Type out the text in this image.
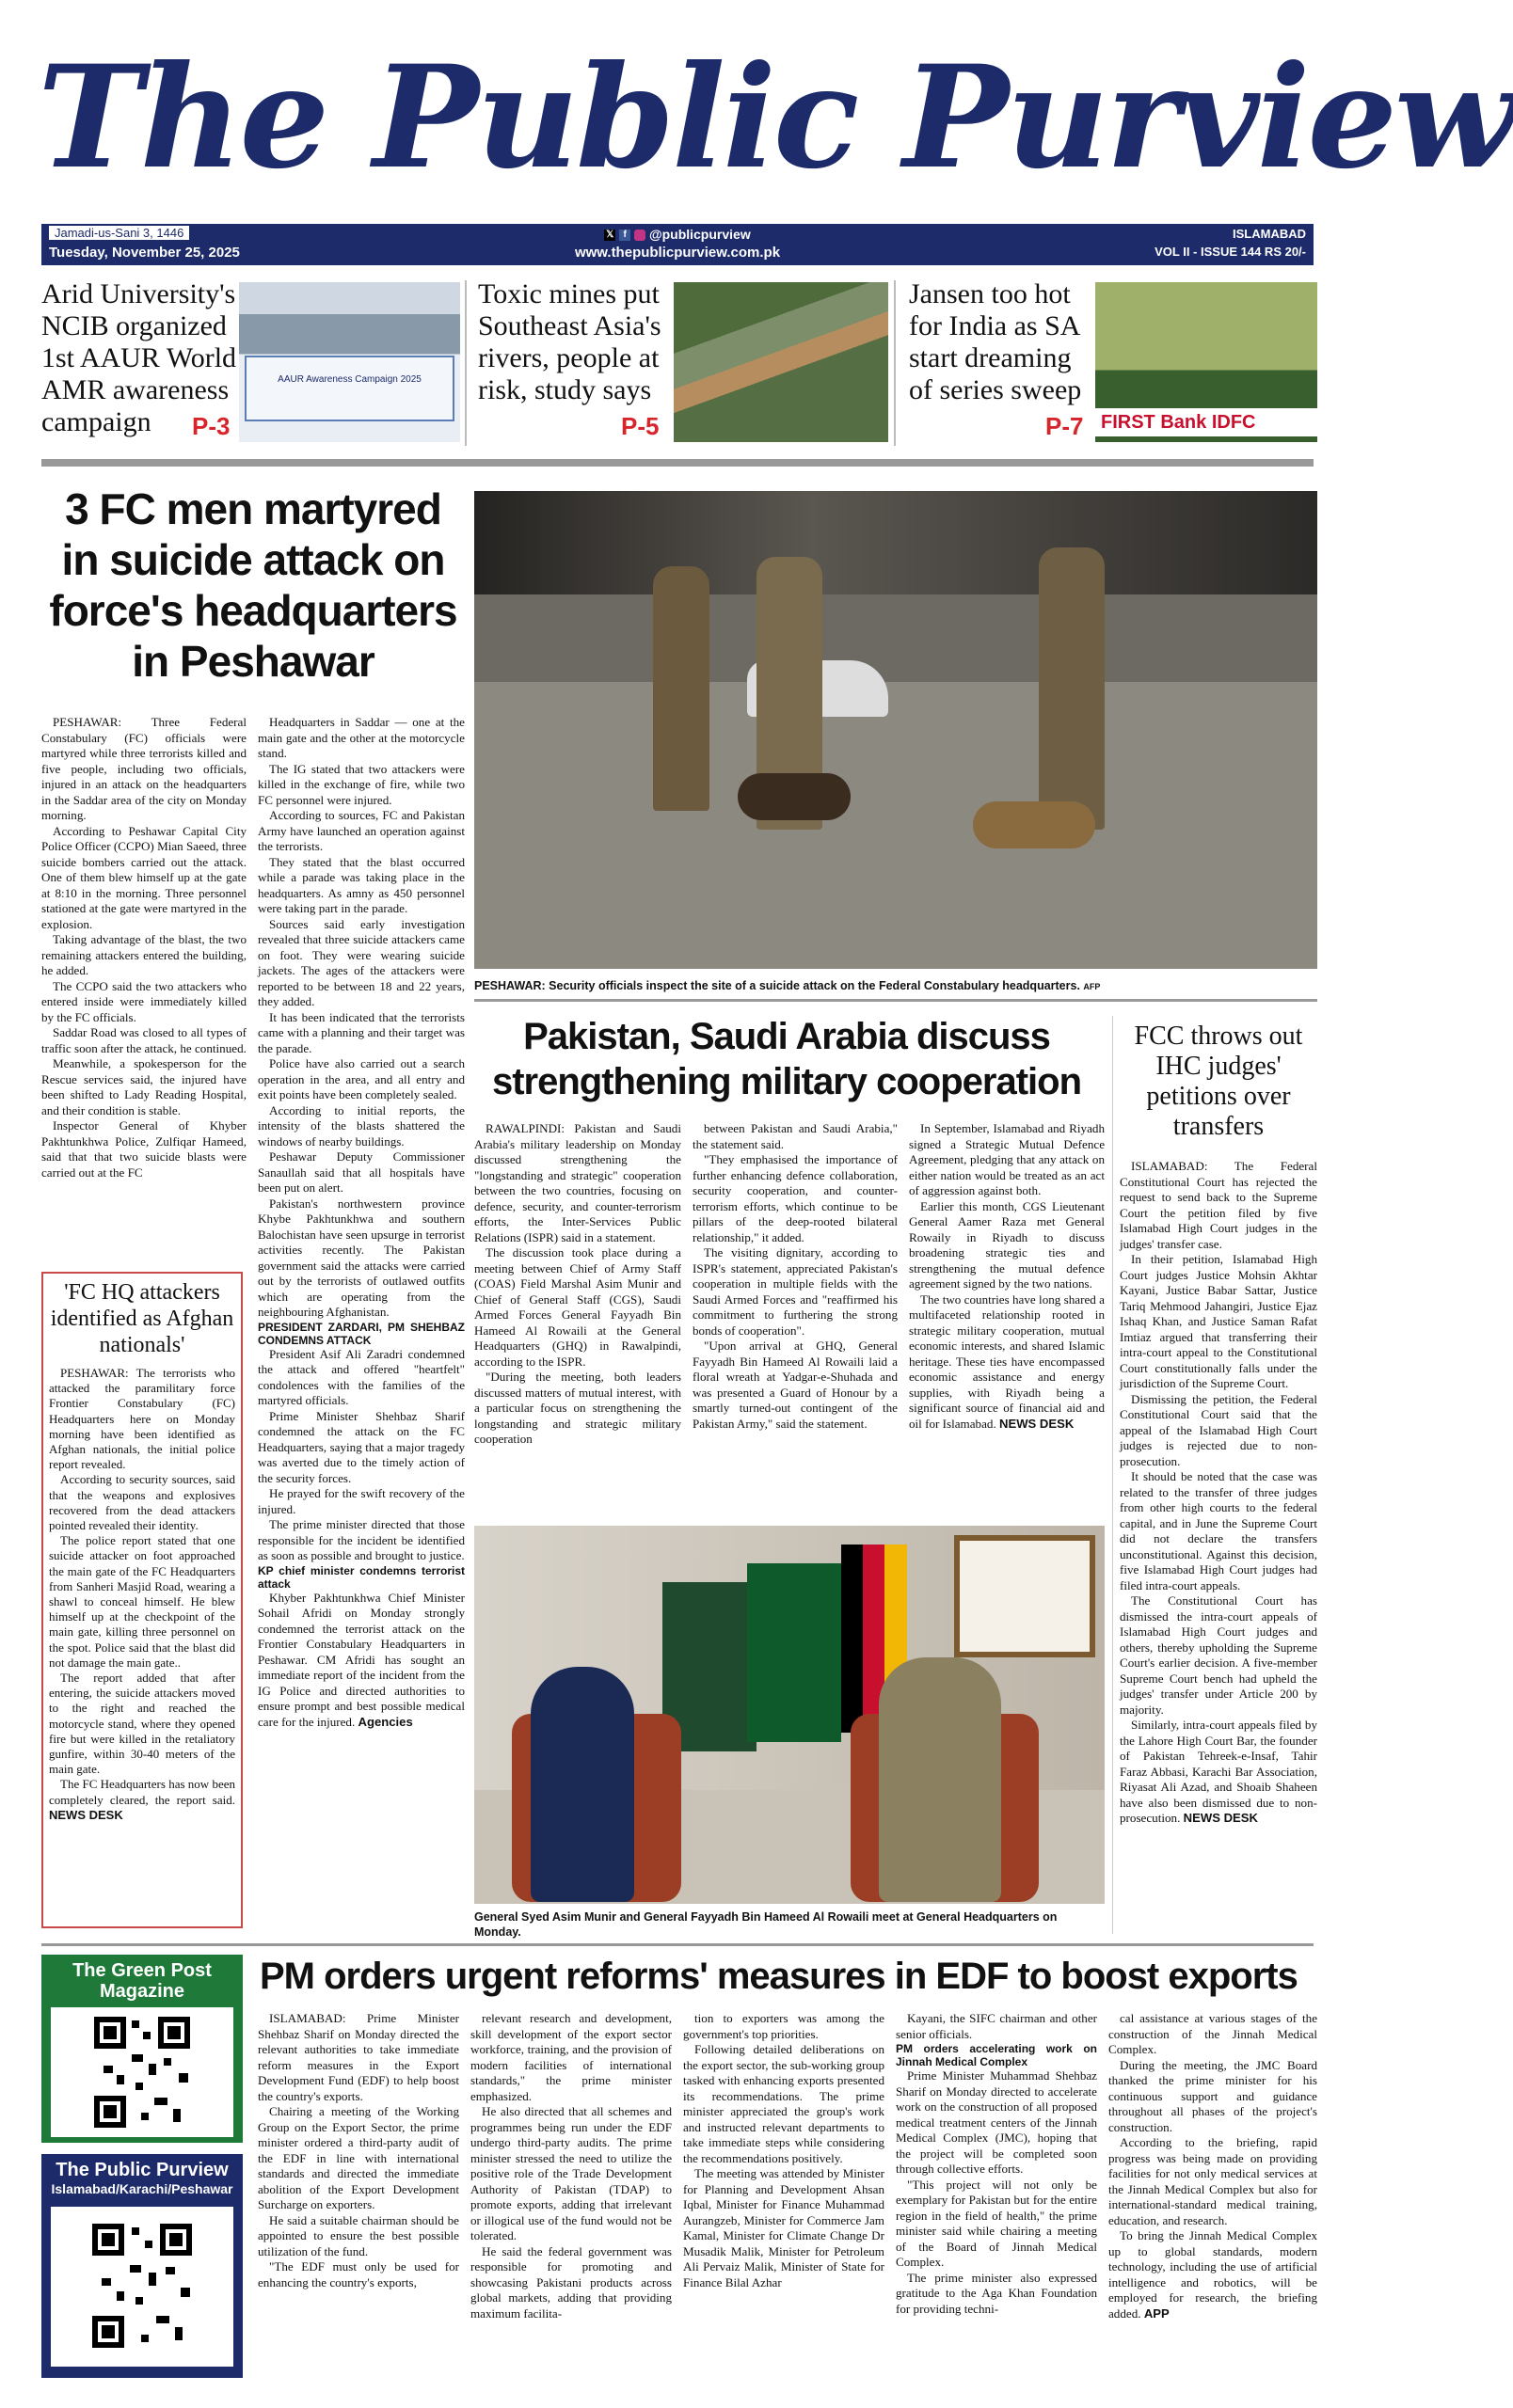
The Public Purview
Jamadi-us-Sani 3, 1446
Tuesday, November 25, 2025
𝕏 f @publicpurview
www.thepublicpurview.com.pk
ISLAMABAD
VOL II - ISSUE 144 RS 20/-
Arid University's NCIB organized 1st AAUR World AMR awareness campaign	P-3
AAUR Awareness Campaign 2025
Toxic mines put Southeast Asia's rivers, people at risk, study says
P-5
Jansen too hot for India as SA start dreaming of series sweep
P-7 FIRST Bank IDFC
3 FC men martyred in suicide attack on force's headquarters in Peshawar
PESHAWAR: Security officials inspect the site of a suicide attack on the Federal Constabulary headquarters. AFP

PESHAWAR: Three Federal Constabulary (FC) officials were martyred while three terrorists killed and five people, including two officials, injured in an attack on the headquarters in the Saddar area of the city on Monday morning.

According to Peshawar Capital City Police Officer (CCPO) Mian Saeed, three suicide bombers carried out the attack. One of them blew himself up at the gate at 8:10 in the morning. Three personnel stationed at the gate were martyred in the explosion.

Taking advantage of the blast, the two remaining attackers entered the building, he added.

The CCPO said the two attackers who entered inside were immediately killed by the FC officials.

Saddar Road was closed to all types of traffic soon after the attack, he continued.

Meanwhile, a spokesperson for the Rescue services said, the injured have been shifted to Lady Reading Hospital, and their condition is stable.

Inspector General of Khyber Pakhtunkhwa Police, Zulfiqar Hameed, said that that two suicide blasts were carried out at the FC

Headquarters in Saddar — one at the main gate and the other at the motorcycle stand.

The IG stated that two attackers were killed in the exchange of fire, while two FC personnel were injured.

According to sources, FC and Pakistan Army have launched an operation against the terrorists.

They stated that the blast occurred while a parade was taking place in the headquarters. As amny as 450 personnel were taking part in the parade.

Sources said early investigation revealed that three suicide attackers came on foot. They were wearing suicide jackets. The ages of the attackers were reported to be between 18 and 22 years, they added.

It has been indicated that the terrorists came with a planning and their target was the parade.

Police have also carried out a search operation in the area, and all entry and exit points have been completely sealed.

According to initial reports, the intensity of the blasts shattered the windows of nearby buildings.

Peshawar Deputy Commissioner Sanaullah said that all hospitals have been put on alert.

Pakistan's northwestern province Khybe Pakhtunkhwa and southern Balochistan have seen upsurge in terrorist activities recently. The Pakistan government said the attacks were carried out by the terrorists of outlawed outfits which are operating from the neighbouring Afghanistan.

PRESIDENT ZARDARI, PM SHEHBAZ CONDEMNS ATTACK

President Asif Ali Zaradri condemned the attack and offered "heartfelt" condolences with the families of the martyred officials.

Prime Minister Shehbaz Sharif condemned the attack on the FC Headquarters, saying that a major tragedy was averted due to the timely action of the security forces.

He prayed for the swift recovery of the injured.

The prime minister directed that those responsible for the incident be identified as soon as possible and brought to justice.

KP chief minister condemns terrorist attack

Khyber Pakhtunkhwa Chief Minister Sohail Afridi on Monday strongly condemned the terrorist attack on the Frontier Constabulary Headquarters in Peshawar. CM Afridi has sought an immediate report of the incident from the IG Police and directed authorities to ensure prompt and best possible medical care for the injured. Agencies

'FC HQ attackers identified as Afghan nationals'

PESHAWAR: The terrorists who attacked the paramilitary force Frontier Constabulary (FC) Headquarters here on Monday morning have been identified as Afghan nationals, the initial police report revealed.

According to security sources, said that the weapons and explosives recovered from the dead attackers pointed revealed their identity.

The police report stated that one suicide attacker on foot approached the main gate of the FC Headquarters from Sanheri Masjid Road, wearing a shawl to conceal himself. He blew himself up at the checkpoint of the main gate, killing three personnel on the spot. Police said that the blast did not damage the main gate..

The report added that after entering, the suicide attackers moved to the right and reached the motorcycle stand, where they opened fire but were killed in the retaliatory gunfire, within 30-40 meters of the main gate.

The FC Headquarters has now been completely cleared, the report said. NEWS DESK

Pakistan, Saudi Arabia discuss strengthening military cooperation

RAWALPINDI: Pakistan and Saudi Arabia's military leadership on Monday discussed strengthening the "longstanding and strategic" cooperation between the two countries, focusing on defence, security, and counter-terrorism efforts, the Inter-Services Public Relations (ISPR) said in a statement.

The discussion took place during a meeting between Chief of Army Staff (COAS) Field Marshal Asim Munir and Chief of General Staff (CGS), Saudi Armed Forces General Fayyadh Bin Hameed Al Rowaili at the General Headquarters (GHQ) in Rawalpindi, according to the ISPR.

"During the meeting, both leaders discussed matters of mutual interest, with a particular focus on strengthening the longstanding and strategic military cooperation

between Pakistan and Saudi Arabia," the statement said.

"They emphasised the importance of further enhancing defence collaboration, security cooperation, and counter-terrorism efforts, which continue to be pillars of the deep-rooted bilateral relationship," it added.

The visiting dignitary, according to ISPR's statement, appreciated Pakistan's cooperation in multiple fields with the Saudi Armed Forces and "reaffirmed his commitment to furthering the strong bonds of cooperation".

"Upon arrival at GHQ, General Fayyadh Bin Hameed Al Rowaili laid a floral wreath at Yadgar-e-Shuhada and was presented a Guard of Honour by a smartly turned-out contingent of the Pakistan Army," said the statement.

In September, Islamabad and Riyadh signed a Strategic Mutual Defence Agreement, pledging that any attack on either nation would be treated as an act of aggression against both.

Earlier this month, CGS Lieutenant General Aamer Raza met General Rowaily in Riyadh to discuss broadening strategic ties and strengthening the mutual defence agreement signed by the two nations.

The two countries have long shared a multifaceted relationship rooted in strategic military cooperation, mutual economic interests, and shared Islamic heritage. These ties have encompassed economic assistance and energy supplies, with Riyadh being a significant source of financial aid and oil for Islamabad. NEWS DESK

General Syed Asim Munir and General Fayyadh Bin Hameed Al Rowaili meet at General Headquarters on Monday.
FCC throws out IHC judges' petitions over transfers

ISLAMABAD: The Federal Constitutional Court has rejected the request to send back to the Supreme Court the petition filed by five Islamabad High Court judges in the judges' transfer case.

In their petition, Islamabad High Court judges Justice Mohsin Akhtar Kayani, Justice Babar Sattar, Justice Tariq Mehmood Jahangiri, Justice Ejaz Ishaq Khan, and Justice Saman Rafat Imtiaz argued that transferring their intra-court appeal to the Constitutional Court constitutionally falls under the jurisdiction of the Supreme Court.

Dismissing the petition, the Federal Constitutional Court said that the appeal of the Islamabad High Court judges is rejected due to non-prosecution.

It should be noted that the case was related to the transfer of three judges from other high courts to the federal capital, and in June the Supreme Court did not declare the transfers unconstitutional. Against this decision, five Islamabad High Court judges had filed intra-court appeals.

The Constitutional Court has dismissed the intra-court appeals of Islamabad High Court judges and others, thereby upholding the Supreme Court's earlier decision. A five-member Supreme Court bench had upheld the judges' transfer under Article 200 by majority.

Similarly, intra-court appeals filed by the Lahore High Court Bar, the founder of Pakistan Tehreek-e-Insaf, Tahir Faraz Abbasi, Karachi Bar Association, Riyasat Ali Azad, and Shoaib Shaheen have also been dismissed due to non-prosecution. NEWS DESK

The Green Post Magazine
The Public Purview
Islamabad/Karachi/Peshawar
PM orders urgent reforms' measures in EDF to boost exports

ISLAMABAD: Prime Minister Shehbaz Sharif on Monday directed the relevant authorities to take immediate reform measures in the Export Development Fund (EDF) to help boost the country's exports.

Chairing a meeting of the Working Group on the Export Sector, the prime minister ordered a third-party audit of the EDF in line with international standards and directed the immediate abolition of the Export Development Surcharge on exporters.

He said a suitable chairman should be appointed to ensure the best possible utilization of the fund.

"The EDF must only be used for enhancing the country's exports,

relevant research and development, skill development of the export sector workforce, training, and the provision of modern facilities of international standards," the prime minister emphasized.

He also directed that all schemes and programmes being run under the EDF undergo third-party audits. The prime minister stressed the need to utilize the positive role of the Trade Development Authority of Pakistan (TDAP) to promote exports, adding that irrelevant or illogical use of the fund would not be tolerated.

He said the federal government was responsible for promoting and showcasing Pakistani products across global markets, adding that providing maximum facilita-

tion to exporters was among the government's top priorities.

Following detailed deliberations on the export sector, the sub-working group tasked with enhancing exports presented its recommendations. The prime minister appreciated the group's work and instructed relevant departments to take immediate steps while considering the recommendations positively.

The meeting was attended by Minister for Planning and Development Ahsan Iqbal, Minister for Finance Muhammad Aurangzeb, Minister for Commerce Jam Kamal, Minister for Climate Change Dr Musadik Malik, Minister for Petroleum Ali Pervaiz Malik, Minister of State for Finance Bilal Azhar

Kayani, the SIFC chairman and other senior officials.

PM orders accelerating work on Jinnah Medical Complex

Prime Minister Muhammad Shehbaz Sharif on Monday directed to accelerate work on the construction of all proposed medical treatment centers of the Jinnah Medical Complex (JMC), hoping that the project will be completed soon through collective efforts.

"This project will not only be exemplary for Pakistan but for the entire region in the field of health," the prime minister said while chairing a meeting of the Board of Jinnah Medical Complex.

The prime minister also expressed gratitude to the Aga Khan Foundation for providing techni-

cal assistance at various stages of the construction of the Jinnah Medical Complex.

During the meeting, the JMC Board thanked the prime minister for his continuous support and guidance throughout all phases of the project's construction.

According to the briefing, rapid progress was being made on providing facilities for not only medical services at the Jinnah Medical Complex but also for international-standard medical training, education, and research.

To bring the Jinnah Medical Complex up to global standards, modern technology, including the use of artificial intelligence and robotics, will be employed for research, the briefing added. APP
